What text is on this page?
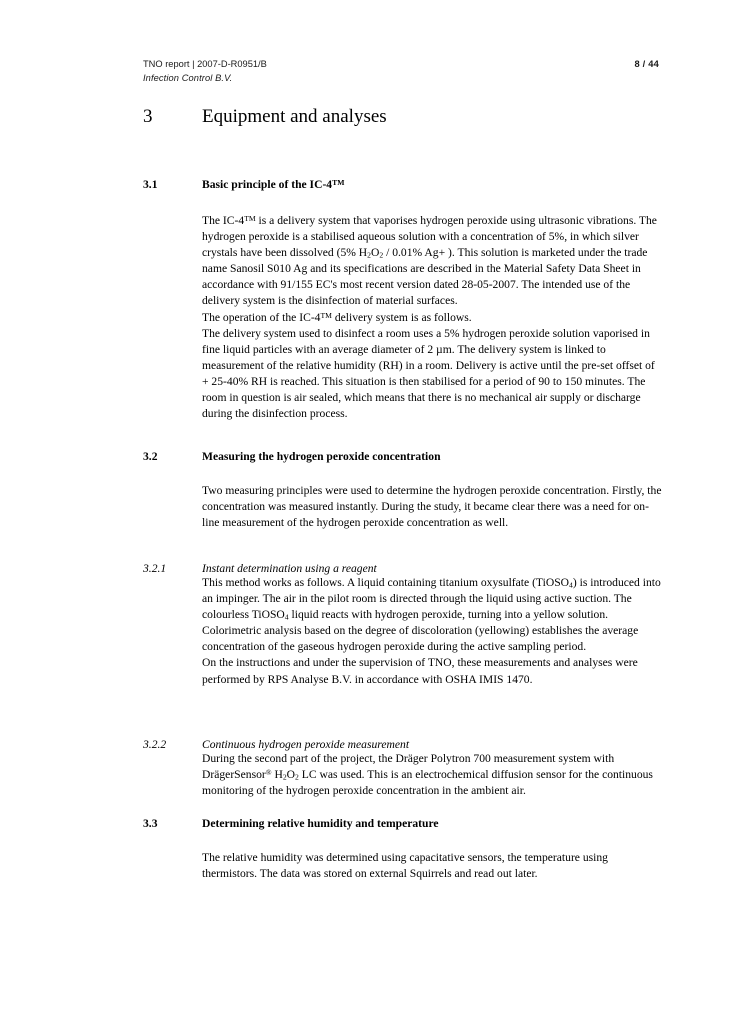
TNO report | 2007-D-R0951/B	8 / 44
Infection Control B.V.
3	Equipment and analyses
3.1	Basic principle of the IC-4™

The IC-4™ is a delivery system that vaporises hydrogen peroxide using ultrasonic vibrations. The hydrogen peroxide is a stabilised aqueous solution with a concentration of 5%, in which silver crystals have been dissolved (5% $H_2O_2 / 0.01\%$ Ag+ ). This solution is marketed under the trade name Sanosil S010 Ag and its specifications are described in the Material Safety Data Sheet in accordance with 91/155 EC's most recent version dated 28-05-2007. The intended use of the delivery system is the disinfection of material surfaces.

The operation of the IC-4™ delivery system is as follows.

The delivery system used to disinfect a room uses a 5% hydrogen peroxide solution vaporised in fine liquid particles with an average diameter of 2 µm. The delivery system is linked to measurement of the relative humidity (RH) in a room. Delivery is active until the pre-set offset of + 25-40% RH is reached. This situation is then stabilised for a period of 90 to 150 minutes. The room in question is air sealed, which means that there is no mechanical air supply or discharge during the disinfection process.

3.2	Measuring the hydrogen peroxide concentration

Two measuring principles were used to determine the hydrogen peroxide concentration. Firstly, the concentration was measured instantly. During the study, it became clear there was a need for on-line measurement of the hydrogen peroxide concentration as well.

3.2.1	Instant determination using a reagent

This method works as follows. A liquid containing titanium oxysulfate (TiOSO$_4$) is introduced into an impinger. The air in the pilot room is directed through the liquid using active suction. The colourless TiOSO$_4$ liquid reacts with hydrogen peroxide, turning into a yellow solution.

Colorimetric analysis based on the degree of discoloration (yellowing) establishes the average concentration of the gaseous hydrogen peroxide during the active sampling period.

On the instructions and under the supervision of TNO, these measurements and analyses were performed by RPS Analyse B.V. in accordance with OSHA IMIS 1470.

3.2.2	Continuous hydrogen peroxide measurement

During the second part of the project, the Dräger Polytron 700 measurement system with DrägerSensor® $H_2O_2$ LC was used. This is an electrochemical diffusion sensor for the continuous monitoring of the hydrogen peroxide concentration in the ambient air.

3.3	Determining relative humidity and temperature

The relative humidity was determined using capacitative sensors, the temperature using thermistors. The data was stored on external Squirrels and read out later.
